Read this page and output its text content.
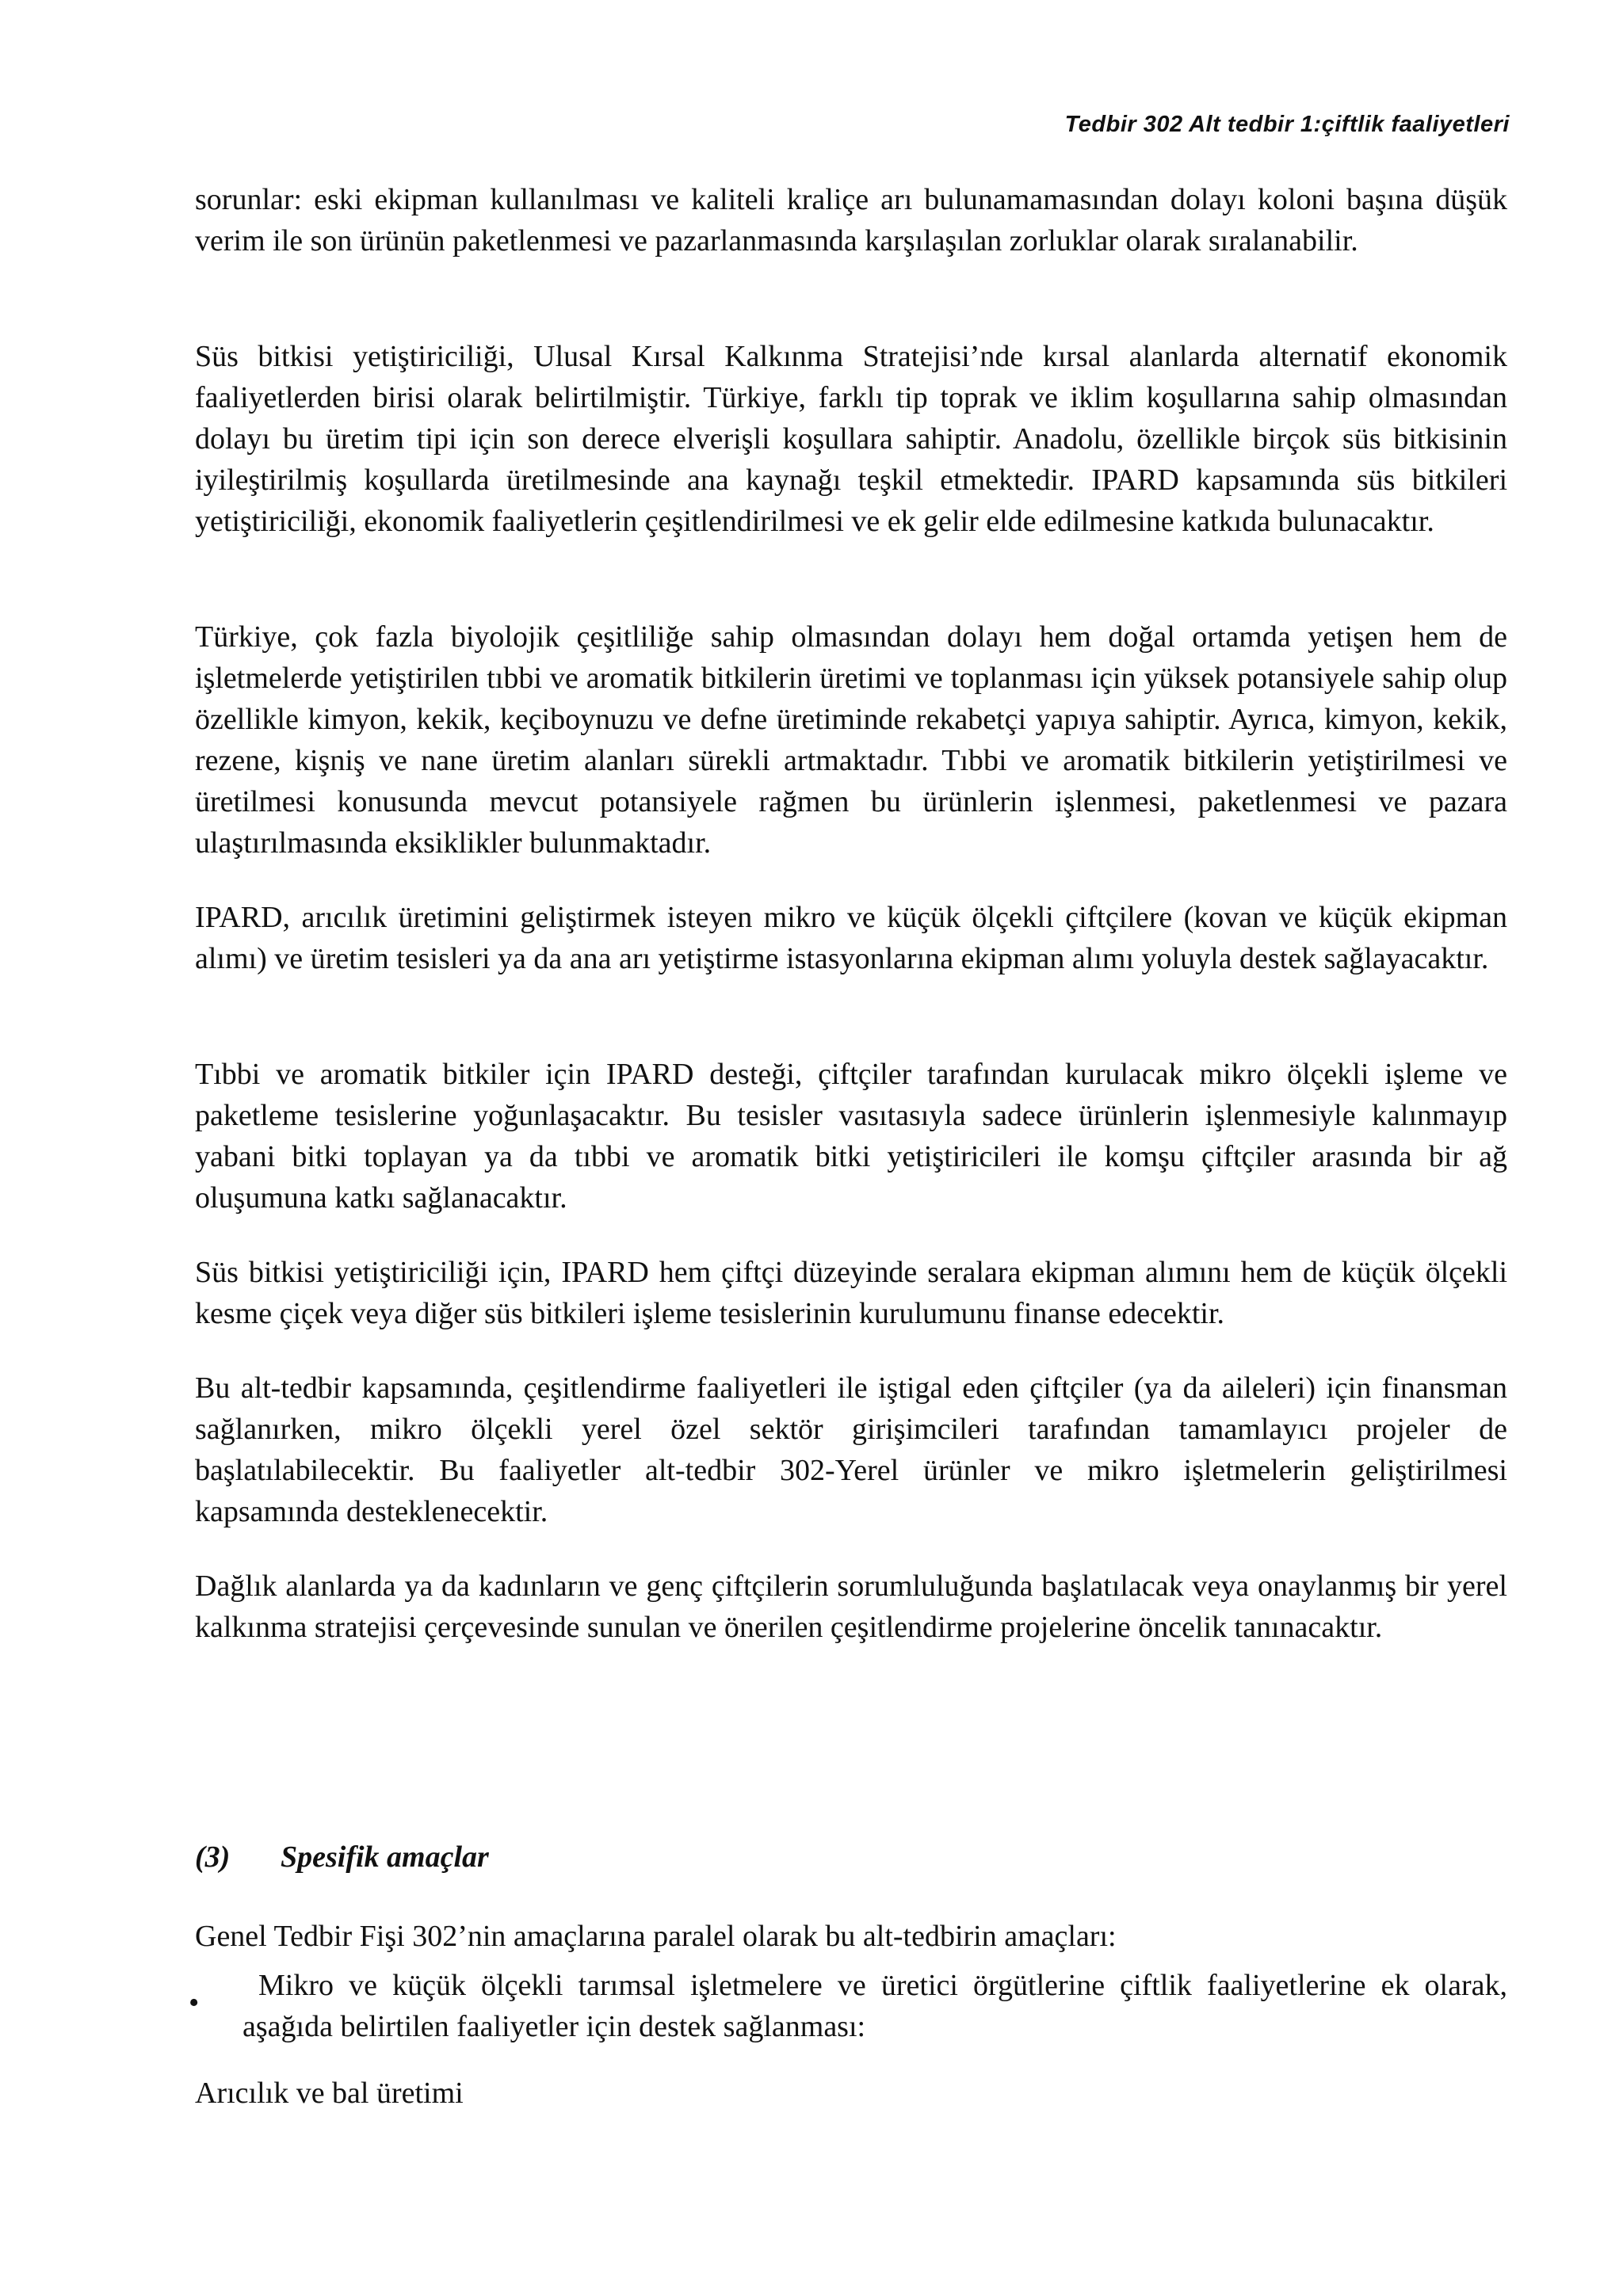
Tedbir 302 Alt tedbir 1:çiftlik faaliyetleri

sorunlar: eski ekipman kullanılması ve kaliteli kraliçe arı bulunamamasından dolayı koloni başına düşük verim ile son ürünün paketlenmesi ve pazarlanmasında karşılaşılan zorluklar olarak sıralanabilir.

Süs bitkisi yetiştiriciliği, Ulusal Kırsal Kalkınma Stratejisi’nde kırsal alanlarda alternatif ekonomik faaliyetlerden birisi olarak belirtilmiştir. Türkiye, farklı tip toprak ve iklim koşullarına sahip olmasından dolayı bu üretim tipi için son derece elverişli koşullara sahiptir. Anadolu, özellikle birçok süs bitkisinin iyileştirilmiş koşullarda üretilmesinde ana kaynağı teşkil etmektedir. IPARD kapsamında süs bitkileri yetiştiriciliği, ekonomik faaliyetlerin çeşitlendirilmesi ve ek gelir elde edilmesine katkıda bulunacaktır.

Türkiye, çok fazla biyolojik çeşitliliğe sahip olmasından dolayı hem doğal ortamda yetişen hem de işletmelerde yetiştirilen tıbbi ve aromatik bitkilerin üretimi ve toplanması için yüksek potansiyele sahip olup özellikle kimyon, kekik, keçiboynuzu ve defne üretiminde rekabetçi yapıya sahiptir. Ayrıca, kimyon, kekik, rezene, kişniş ve nane üretim alanları sürekli artmaktadır. Tıbbi ve aromatik bitkilerin yetiştirilmesi ve üretilmesi konusunda mevcut potansiyele rağmen bu ürünlerin işlenmesi, paketlenmesi ve pazara ulaştırılmasında eksiklikler bulunmaktadır.

IPARD, arıcılık üretimini geliştirmek isteyen mikro ve küçük ölçekli çiftçilere (kovan ve küçük ekipman alımı) ve üretim tesisleri ya da ana arı yetiştirme istasyonlarına ekipman alımı yoluyla destek sağlayacaktır.

Tıbbi ve aromatik bitkiler için IPARD desteği, çiftçiler tarafından kurulacak mikro ölçekli işleme ve paketleme tesislerine yoğunlaşacaktır. Bu tesisler vasıtasıyla sadece ürünlerin işlenmesiyle kalınmayıp yabani bitki toplayan ya da tıbbi ve aromatik bitki yetiştiricileri ile komşu çiftçiler arasında bir ağ oluşumuna katkı sağlanacaktır.

Süs bitkisi yetiştiriciliği için, IPARD hem çiftçi düzeyinde seralara ekipman alımını hem de küçük ölçekli kesme çiçek veya diğer süs bitkileri işleme tesislerinin kurulumunu finanse edecektir.

Bu alt-tedbir kapsamında, çeşitlendirme faaliyetleri ile iştigal eden çiftçiler (ya da aileleri) için finansman sağlanırken, mikro ölçekli yerel özel sektör girişimcileri tarafından tamamlayıcı projeler de başlatılabilecektir. Bu faaliyetler alt-tedbir 302-Yerel ürünler ve mikro işletmelerin geliştirilmesi kapsamında desteklenecektir.

Dağlık alanlarda ya da kadınların ve genç çiftçilerin sorumluluğunda başlatılacak veya onaylanmış bir yerel kalkınma stratejisi çerçevesinde sunulan ve önerilen çeşitlendirme projelerine öncelik tanınacaktır.

(3) Spesifik amaçlar

Genel Tedbir Fişi 302’nin amaçlarına paralel olarak bu alt-tedbirin amaçları:

•

Mikro ve küçük ölçekli tarımsal işletmelere ve üretici örgütlerine çiftlik faaliyetlerine ek olarak, aşağıda belirtilen faaliyetler için destek sağlanması:

Arıcılık ve bal üretimi
